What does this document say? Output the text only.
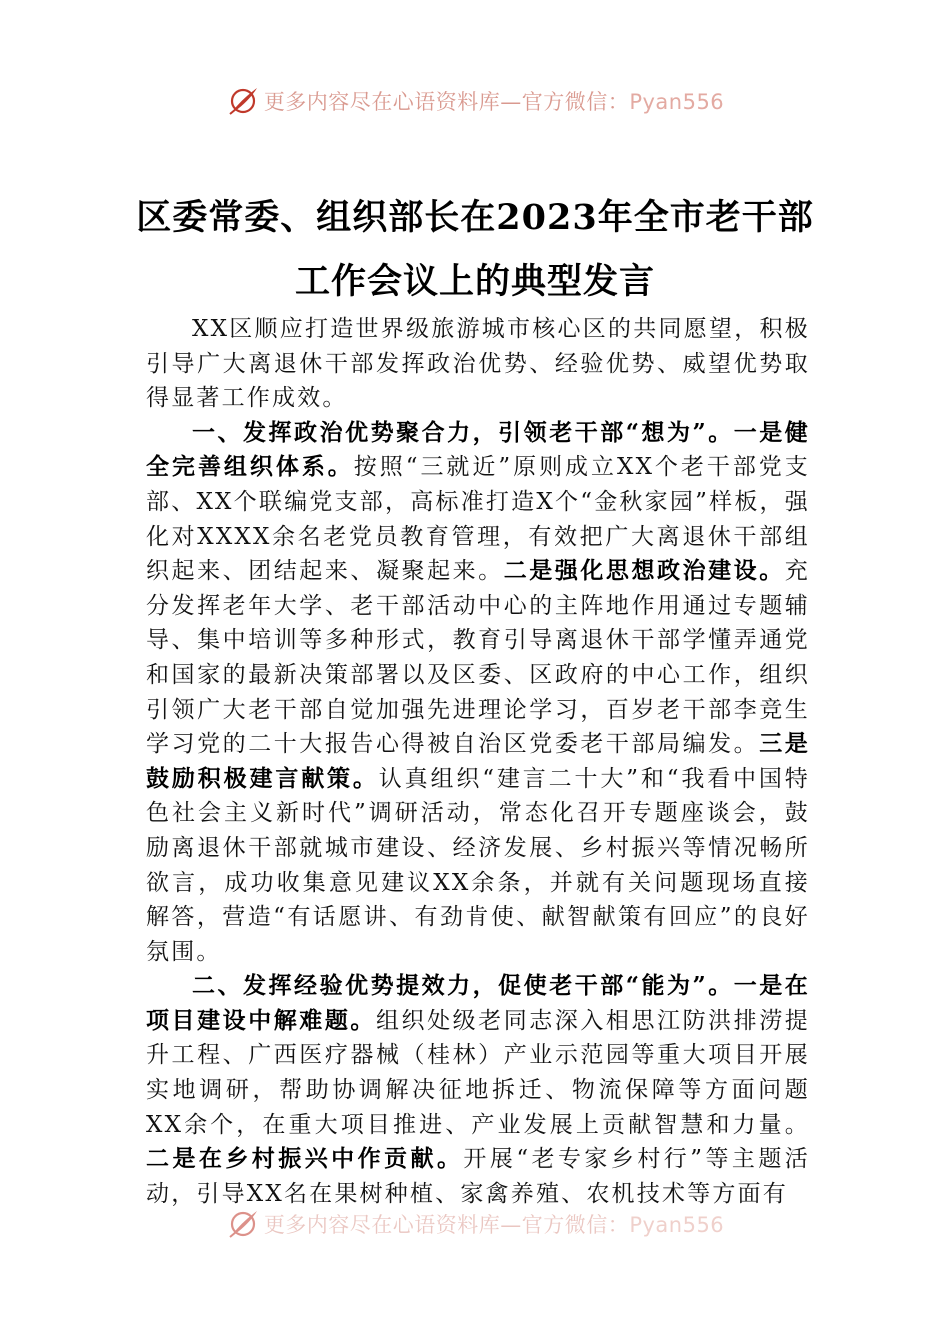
更多内容尽在心语资料库—官方微信：Pyan556
区委常委、组织部长在2023年全市老干部
工作会议上的典型发言

XX区顺应打造世界级旅游城市核心区的共同愿望，积极引导广大离退休干部发挥政治优势、经验优势、威望优势取得显著工作成效。

一、发挥政治优势聚合力，引领老干部“想为”。一是健全完善组织体系。按照“三就近”原则成立XX个老干部党支部、XX个联编党支部，高标准打造X个“金秋家园”样板，强化对XXXX余名老党员教育管理，有效把广大离退休干部组织起来、团结起来、凝聚起来。二是强化思想政治建设。充分发挥老年大学、老干部活动中心的主阵地作用通过专题辅导、集中培训等多种形式，教育引导离退休干部学懂弄通党和国家的最新决策部署以及区委、区政府的中心工作，组织引领广大老干部自觉加强先进理论学习，百岁老干部李竞生学习党的二十大报告心得被自治区党委老干部局编发。三是鼓励积极建言献策。认真组织“建言二十大”和“我看中国特色社会主义新时代”调研活动，常态化召开专题座谈会，鼓励离退休干部就城市建设、经济发展、乡村振兴等情况畅所欲言，成功收集意见建议XX余条，并就有关问题现场直接解答，营造“有话愿讲、有劲肯使、献智献策有回应”的良好氛围。

二、发挥经验优势提效力，促使老干部“能为”。一是在项目建设中解难题。组织处级老同志深入相思江防洪排涝提升工程、广西医疗器械（桂林）产业示范园等重大项目开展实地调研，帮助协调解决征地拆迁、物流保障等方面问题XX余个，在重大项目推进、产业发展上贡献智慧和力量。二是在乡村振兴中作贡献。开展“老专家乡村行”等主题活动，引导XX名在果树种植、家禽养殖、农机技术等方面有

更多内容尽在心语资料库—官方微信：Pyan556
